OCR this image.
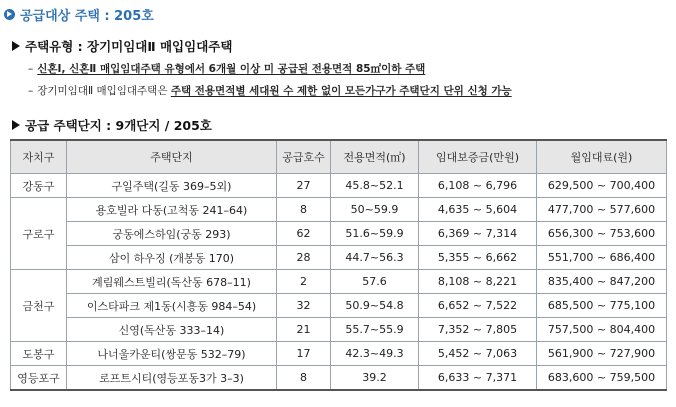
공급대상 주택 : 205호
주택유형 : 장기미임대Ⅱ 매입임대주택
– 신혼Ⅰ, 신혼Ⅱ 매입임대주택 유형에서 6개월 이상 미 공급된 전용면적 85㎡이하 주택
– 장기미임대Ⅱ 매입임대주택은 주택 전용면적별 세대원 수 제한 없이 모든가구가 주택단지 단위 신청 가능
공급 주택단지 : 9개단지 / 205호
자치구	주택단지	공급호수	전용면적(㎡)	임대보증금(만원)	월임대료(원)
강동구	구일주택(길동 369–5외)	27	45.8~52.1	6,108 ~ 6,796	629,500 ~ 700,400
구로구	용호빌라 다동(고척동 241–64)	8	50~59.9	4,635 ~ 5,604	477,700 ~ 577,600
	궁동에스하임(궁동 293)	62	51.6~59.9	6,369 ~ 7,314	656,300 ~ 753,600
	삼이 하우징 (개봉동 170)	28	44.7~56.3	5,355 ~ 6,662	551,700 ~ 686,400
금천구	계림웨스트빌리(독산동 678–11)	2	57.6	8,108 ~ 8,221	835,400 ~ 847,200
	이스타파크 제1동(시흥동 984–54)	32	50.9~54.8	6,652 ~ 7,522	685,500 ~ 775,100
	신영(독산동 333–14)	21	55.7~55.9	7,352 ~ 7,805	757,500 ~ 804,400
도봉구	나너울카운티(쌍문동 532–79)	17	42.3~49.3	5,452 ~ 7,063	561,900 ~ 727,900
영등포구	로프트시티(영등포동3가 3–3)	8	39.2	6,633 ~ 7,371	683,600 ~ 759,500
